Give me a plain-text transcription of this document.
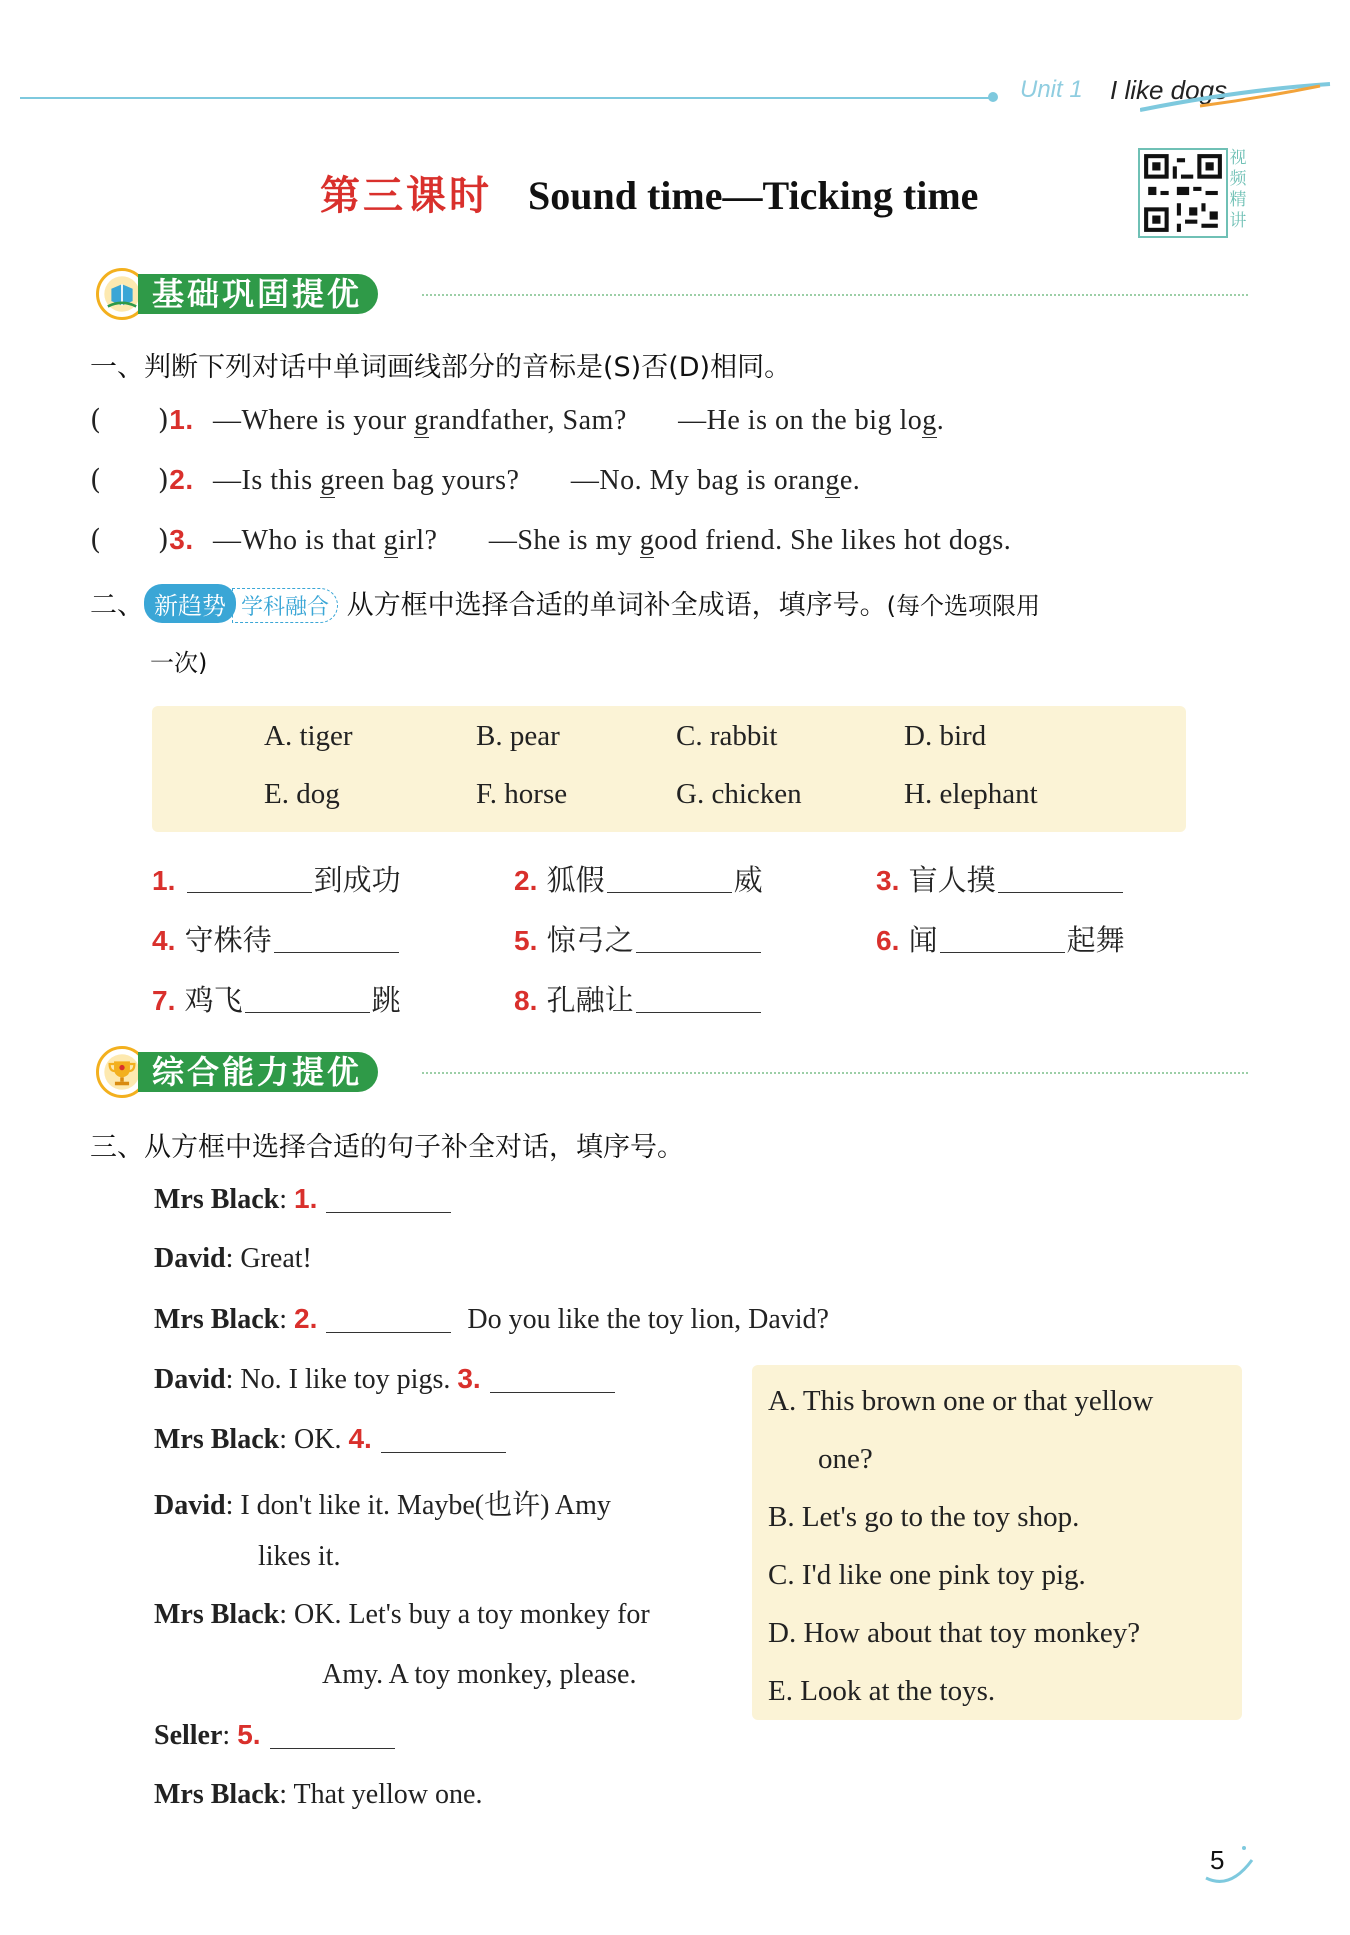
Unit 1 I like dogs
第三课时 Sound time—Ticking time
视频精讲
基础巩固提优
一、判断下列对话中单词画线部分的音标是(S)否(D)相同。
(      )1. —Where is your grandfather, Sam? —He is on the big log.
(      )2. —Is this green bag yours? —No. My bag is orange.
(      )3. —Who is that girl? —She is my good friend. She likes hot dogs.
二、 新趋势 学科融合 从方框中选择合适的单词补全成语，填序号。(每个选项限用
一次)
A. tiger	B. pear	C. rabbit	D. bird
E. dog	F. horse	G. chicken	H. elephant
1.	到成功	2. 狐假	威	3. 盲人摸
4. 守株待	5. 惊弓之	6. 闻	起舞
7. 鸡飞	跳	8. 孔融让
综合能力提优
三、从方框中选择合适的句子补全对话，填序号。
Mrs Black: 1.
David: Great!
Mrs Black: 2.	Do you like the toy lion, David?
David: No. I like toy pigs. 3.
Mrs Black: OK. 4.
David: I don't like it. Maybe(也许) Amy
likes it.
Mrs Black: OK. Let's buy a toy monkey for
Amy. A toy monkey, please.
Seller: 5.
Mrs Black: That yellow one.
A. This brown one or that yellow
one?
B. Let's go to the toy shop.
C. I'd like one pink toy pig.
D. How about that toy monkey?
E. Look at the toys.
5
